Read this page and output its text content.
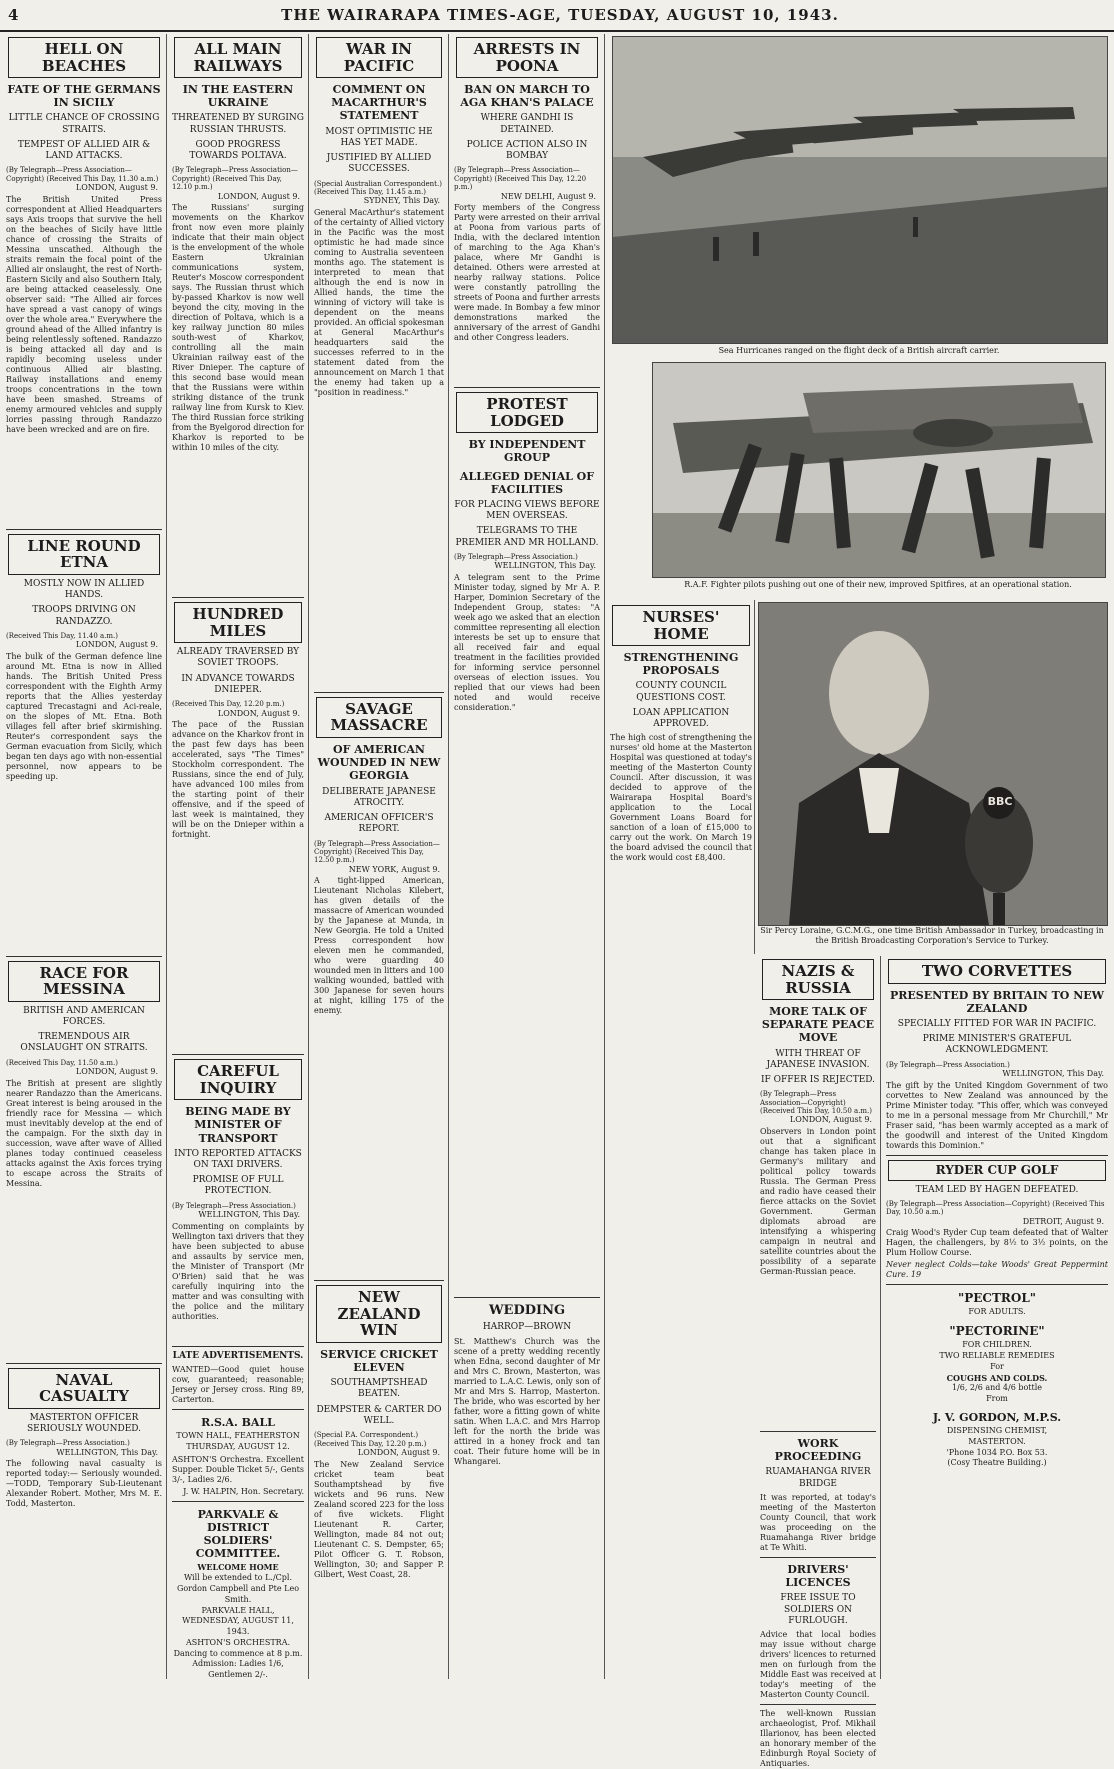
4	THE WAIRARAPA TIMES-AGE, TUESDAY, AUGUST 10, 1943.
HELL ON BEACHES
FATE OF THE GERMANS IN SICILY
LITTLE CHANCE OF CROSSING STRAITS.
TEMPEST OF ALLIED AIR & LAND ATTACKS.
(By Telegraph—Press Association—Copyright) (Received This Day, 11.30 a.m.)
LONDON, August 9.
The British United Press correspondent at Allied Headquarters says Axis troops that survive the hell on the beaches of Sicily have little chance of crossing the Straits of Messina unscathed. Although the straits remain the focal point of the Allied air onslaught, the rest of North-Eastern Sicily and also Southern Italy, are being attacked ceaselessly. One observer said: "The Allied air forces have spread a vast canopy of wings over the whole area." Everywhere the ground ahead of the Allied infantry is being relentlessly softened. Randazzo is being attacked all day and is rapidly becoming useless under continuous Allied air blasting. Railway installations and enemy troops concentrations in the town have been smashed. Streams of enemy armoured vehicles and supply lorries passing through Randazzo have been wrecked and are on fire.
LINE ROUND ETNA
MOSTLY NOW IN ALLIED HANDS.
TROOPS DRIVING ON RANDAZZO.
(Received This Day, 11.40 a.m.)
LONDON, August 9.
The bulk of the German defence line around Mt. Etna is now in Allied hands. The British United Press correspondent with the Eighth Army reports that the Allies yesterday captured Trecastagni and Aci-reale, on the slopes of Mt. Etna. Both villages fell after brief skirmishing. Reuter's correspondent says the German evacuation from Sicily, which began ten days ago with non-essential personnel, now appears to be speeding up.
RACE FOR MESSINA
BRITISH AND AMERICAN FORCES.
TREMENDOUS AIR ONSLAUGHT ON STRAITS.
(Received This Day, 11.50 a.m.)
LONDON, August 9.
The British at present are slightly nearer Randazzo than the Americans. Great interest is being aroused in the friendly race for Messina — which must inevitably develop at the end of the campaign. For the sixth day in succession, wave after wave of Allied planes today continued ceaseless attacks against the Axis forces trying to escape across the Straits of Messina.
NAVAL CASUALTY
MASTERTON OFFICER SERIOUSLY WOUNDED.
(By Telegraph—Press Association.)
WELLINGTON, This Day.
The following naval casualty is reported today:— Seriously wounded.—TODD, Temporary Sub-Lieutenant Alexander Robert. Mother, Mrs M. E. Todd, Masterton.
ALL MAIN RAILWAYS
IN THE EASTERN UKRAINE
THREATENED BY SURGING RUSSIAN THRUSTS.
GOOD PROGRESS TOWARDS POLTAVA.
(By Telegraph—Press Association—Copyright) (Received This Day, 12.10 p.m.)
LONDON, August 9.
The Russians' surging movements on the Kharkov front now even more plainly indicate that their main object is the envelopment of the whole Eastern Ukrainian communications system, Reuter's Moscow correspondent says. The Russian thrust which by-passed Kharkov is now well beyond the city, moving in the direction of Poltava, which is a key railway junction 80 miles south-west of Kharkov, controlling all the main Ukrainian railway east of the River Dnieper. The capture of this second base would mean that the Russians were within striking distance of the trunk railway line from Kursk to Kiev. The third Russian force striking from the Byelgorod direction for Kharkov is reported to be within 10 miles of the city.
HUNDRED MILES
ALREADY TRAVERSED BY SOVIET TROOPS.
IN ADVANCE TOWARDS DNIEPER.
(Received This Day, 12.20 p.m.)
LONDON, August 9.
The pace of the Russian advance on the Kharkov front in the past few days has been accelerated, says "The Times" Stockholm correspondent. The Russians, since the end of July, have advanced 100 miles from the starting point of their offensive, and if the speed of last week is maintained, they will be on the Dnieper within a fortnight.
CAREFUL INQUIRY
BEING MADE BY MINISTER OF TRANSPORT
INTO REPORTED ATTACKS ON TAXI DRIVERS.
PROMISE OF FULL PROTECTION.
(By Telegraph—Press Association.)
WELLINGTON, This Day.
Commenting on complaints by Wellington taxi drivers that they have been subjected to abuse and assaults by service men, the Minister of Transport (Mr O'Brien) said that he was carefully inquiring into the matter and was consulting with the police and the military authorities.
LATE ADVERTISEMENTS.
WANTED—Good quiet house cow, guaranteed; reasonable; Jersey or Jersey cross. Ring 89, Carterton.
R.S.A. BALL
TOWN HALL, FEATHERSTON
THURSDAY, AUGUST 12.
ASHTON'S Orchestra. Excellent Supper. Double Ticket 5/-, Gents 3/-, Ladies 2/6.
J. W. HALPIN, Hon. Secretary.
PARKVALE & DISTRICT SOLDIERS' COMMITTEE.
WELCOME HOME
Will be extended to L./Cpl. Gordon Campbell and Pte Leo Smith.
PARKVALE HALL,
WEDNESDAY, AUGUST 11, 1943.
ASHTON'S ORCHESTRA.
Dancing to commence at 8 p.m.
Admission: Ladies 1/6, Gentlemen 2/-.
WAR IN PACIFIC
COMMENT ON MACARTHUR'S STATEMENT
MOST OPTIMISTIC HE HAS YET MADE.
JUSTIFIED BY ALLIED SUCCESSES.
(Special Australian Correspondent.) (Received This Day, 11.45 a.m.)
SYDNEY, This Day.
General MacArthur's statement of the certainty of Allied victory in the Pacific was the most optimistic he had made since coming to Australia seventeen months ago. The statement is interpreted to mean that although the end is now in Allied hands, the time the winning of victory will take is dependent on the means provided. An official spokesman at General MacArthur's headquarters said the successes referred to in the statement dated from the announcement on March 1 that the enemy had taken up a "position in readiness."
SAVAGE MASSACRE
OF AMERICAN WOUNDED IN NEW GEORGIA
DELIBERATE JAPANESE ATROCITY.
AMERICAN OFFICER'S REPORT.
(By Telegraph—Press Association—Copyright) (Received This Day, 12.50 p.m.)
NEW YORK, August 9.
A tight-lipped American, Lieutenant Nicholas Kilebert, has given details of the massacre of American wounded by the Japanese at Munda, in New Georgia. He told a United Press correspondent how eleven men he commanded, who were guarding 40 wounded men in litters and 100 walking wounded, battled with 300 Japanese for seven hours at night, killing 175 of the enemy.
NEW ZEALAND WIN
SERVICE CRICKET ELEVEN
SOUTHAMPTSHEAD BEATEN.
DEMPSTER & CARTER DO WELL.
(Special P.A. Correspondent.) (Received This Day, 12.20 p.m.)
LONDON, August 9.
The New Zealand Service cricket team beat Southamptshead by five wickets and 96 runs. New Zealand scored 223 for the loss of five wickets. Flight Lieutenant R. Carter, Wellington, made 84 not out; Lieutenant C. S. Dempster, 65; Pilot Officer G. T. Robson, Wellington, 30; and Sapper P. Gilbert, West Coast, 28.
ARRESTS IN POONA
BAN ON MARCH TO AGA KHAN'S PALACE
WHERE GANDHI IS DETAINED.
POLICE ACTION ALSO IN BOMBAY
(By Telegraph—Press Association—Copyright) (Received This Day, 12.20 p.m.)
NEW DELHI, August 9.
Forty members of the Congress Party were arrested on their arrival at Poona from various parts of India, with the declared intention of marching to the Aga Khan's palace, where Mr Gandhi is detained. Others were arrested at nearby railway stations. Police were constantly patrolling the streets of Poona and further arrests were made. In Bombay a few minor demonstrations marked the anniversary of the arrest of Gandhi and other Congress leaders.
PROTEST LODGED
BY INDEPENDENT GROUP
ALLEGED DENIAL OF FACILITIES
FOR PLACING VIEWS BEFORE MEN OVERSEAS.
TELEGRAMS TO THE PREMIER AND MR HOLLAND.
(By Telegraph—Press Association.)
WELLINGTON, This Day.
A telegram sent to the Prime Minister today, signed by Mr A. P. Harper, Dominion Secretary of the Independent Group, states: "A week ago we asked that an election committee representing all election interests be set up to ensure that all received fair and equal treatment in the facilities provided for informing service personnel overseas of election issues. You replied that our views had been noted and would receive consideration."
WEDDING
HARROP—BROWN
St. Matthew's Church was the scene of a pretty wedding recently when Edna, second daughter of Mr and Mrs C. Brown, Masterton, was married to L.A.C. Lewis, only son of Mr and Mrs S. Harrop, Masterton. The bride, who was escorted by her father, wore a fitting gown of white satin. When L.A.C. and Mrs Harrop left for the north the bride was attired in a honey frock and tan coat. Their future home will be in Whangarei.
Sea Hurricanes ranged on the flight deck of a British aircraft carrier.
R.A.F. Fighter pilots pushing out one of their new, improved Spitfires, at an operational station.
BBC
Sir Percy Loraine, G.C.M.G., one time British Ambassador in Turkey, broadcasting in the British Broadcasting Corporation's Service to Turkey.
NURSES' HOME
STRENGTHENING PROPOSALS
COUNTY COUNCIL QUESTIONS COST.
LOAN APPLICATION APPROVED.
The high cost of strengthening the nurses' old home at the Masterton Hospital was questioned at today's meeting of the Masterton County Council. After discussion, it was decided to approve of the Wairarapa Hospital Board's application to the Local Government Loans Board for sanction of a loan of £15,000 to carry out the work. On March 19 the board advised the council that the work would cost £8,400.
NAZIS & RUSSIA
MORE TALK OF SEPARATE PEACE MOVE
WITH THREAT OF JAPANESE INVASION.
IF OFFER IS REJECTED.
(By Telegraph—Press Association—Copyright) (Received This Day, 10.50 a.m.)
LONDON, August 9.
Observers in London point out that a significant change has taken place in Germany's military and political policy towards Russia. The German Press and radio have ceased their fierce attacks on the Soviet Government. German diplomats abroad are intensifying a whispering campaign in neutral and satellite countries about the possibility of a separate German-Russian peace.
WORK PROCEEDING
RUAMAHANGA RIVER BRIDGE
It was reported, at today's meeting of the Masterton County Council, that work was proceeding on the Ruamahanga River bridge at Te Whiti.
DRIVERS' LICENCES
FREE ISSUE TO SOLDIERS ON FURLOUGH.
Advice that local bodies may issue without charge drivers' licences to returned men on furlough from the Middle East was received at today's meeting of the Masterton County Council.
The well-known Russian archaeologist, Prof. Mikhail Illarionov, has been elected an honorary member of the Edinburgh Royal Society of Antiquaries.
TWO CORVETTES
PRESENTED BY BRITAIN TO NEW ZEALAND
SPECIALLY FITTED FOR WAR IN PACIFIC.
PRIME MINISTER'S GRATEFUL ACKNOWLEDGMENT.
(By Telegraph—Press Association.)
WELLINGTON, This Day.
The gift by the United Kingdom Government of two corvettes to New Zealand was announced by the Prime Minister today. "This offer, which was conveyed to me in a personal message from Mr Churchill," Mr Fraser said, "has been warmly accepted as a mark of the goodwill and interest of the United Kingdom towards this Dominion."
RYDER CUP GOLF
TEAM LED BY HAGEN DEFEATED.
(By Telegraph—Press Association—Copyright) (Received This Day, 10.50 a.m.)
DETROIT, August 9.
Craig Wood's Ryder Cup team defeated that of Walter Hagen, the challengers, by 8½ to 3½ points, on the Plum Hollow Course.
Never neglect Colds—take Woods' Great Peppermint Cure. 19
"PECTROL"
FOR ADULTS.
"PECTORINE"
FOR CHILDREN.
TWO RELIABLE REMEDIES
For
COUGHS AND COLDS.
1/6, 2/6 and 4/6 bottle
From
J. V. GORDON, M.P.S.
DISPENSING CHEMIST,
MASTERTON.
'Phone 1034 P.O. Box 53.
(Cosy Theatre Building.)
